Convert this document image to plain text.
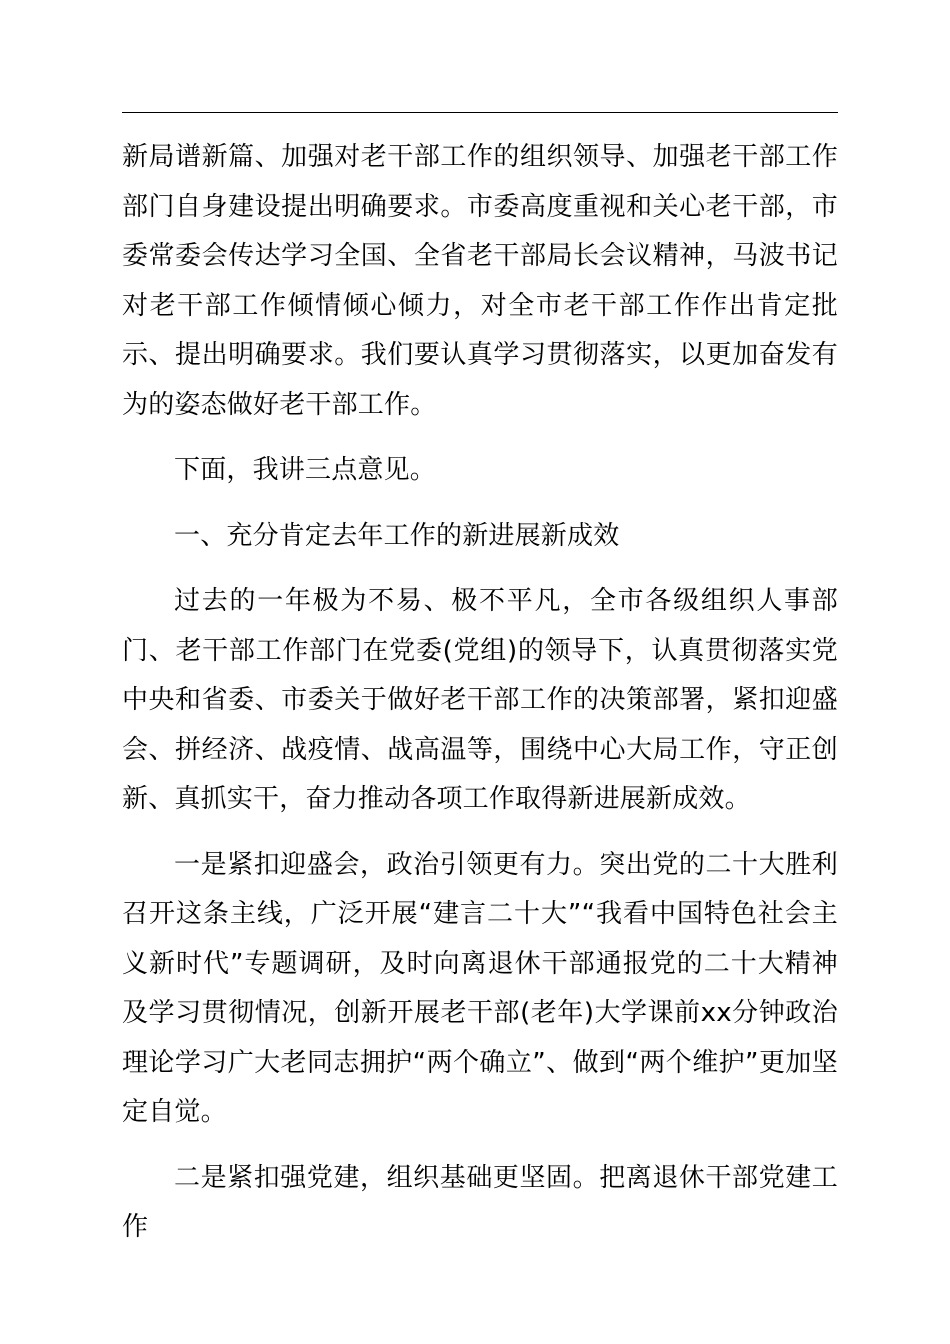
新局谱新篇、加强对老干部工作的组织领导、加强老干部工作部门自身建设提出明确要求。市委高度重视和关心老干部，市委常委会传达学习全国、全省老干部局长会议精神，马波书记对老干部工作倾情倾心倾力，对全市老干部工作作出肯定批示、提出明确要求。我们要认真学习贯彻落实，以更加奋发有为的姿态做好老干部工作。

下面，我讲三点意见。

一、充分肯定去年工作的新进展新成效

过去的一年极为不易、极不平凡，全市各级组织人事部门、老干部工作部门在党委(党组)的领导下，认真贯彻落实党中央和省委、市委关于做好老干部工作的决策部署，紧扣迎盛会、拼经济、战疫情、战高温等，围绕中心大局工作，守正创新、真抓实干，奋力推动各项工作取得新进展新成效。

一是紧扣迎盛会，政治引领更有力。突出党的二十大胜利召开这条主线，广泛开展“建言二十大”“我看中国特色社会主义新时代”专题调研，及时向离退休干部通报党的二十大精神及学习贯彻情况，创新开展老干部(老年)大学课前xx分钟政治理论学习广大老同志拥护“两个确立”、做到“两个维护”更加坚定自觉。

二是紧扣强党建，组织基础更坚固。把离退休干部党建工作
